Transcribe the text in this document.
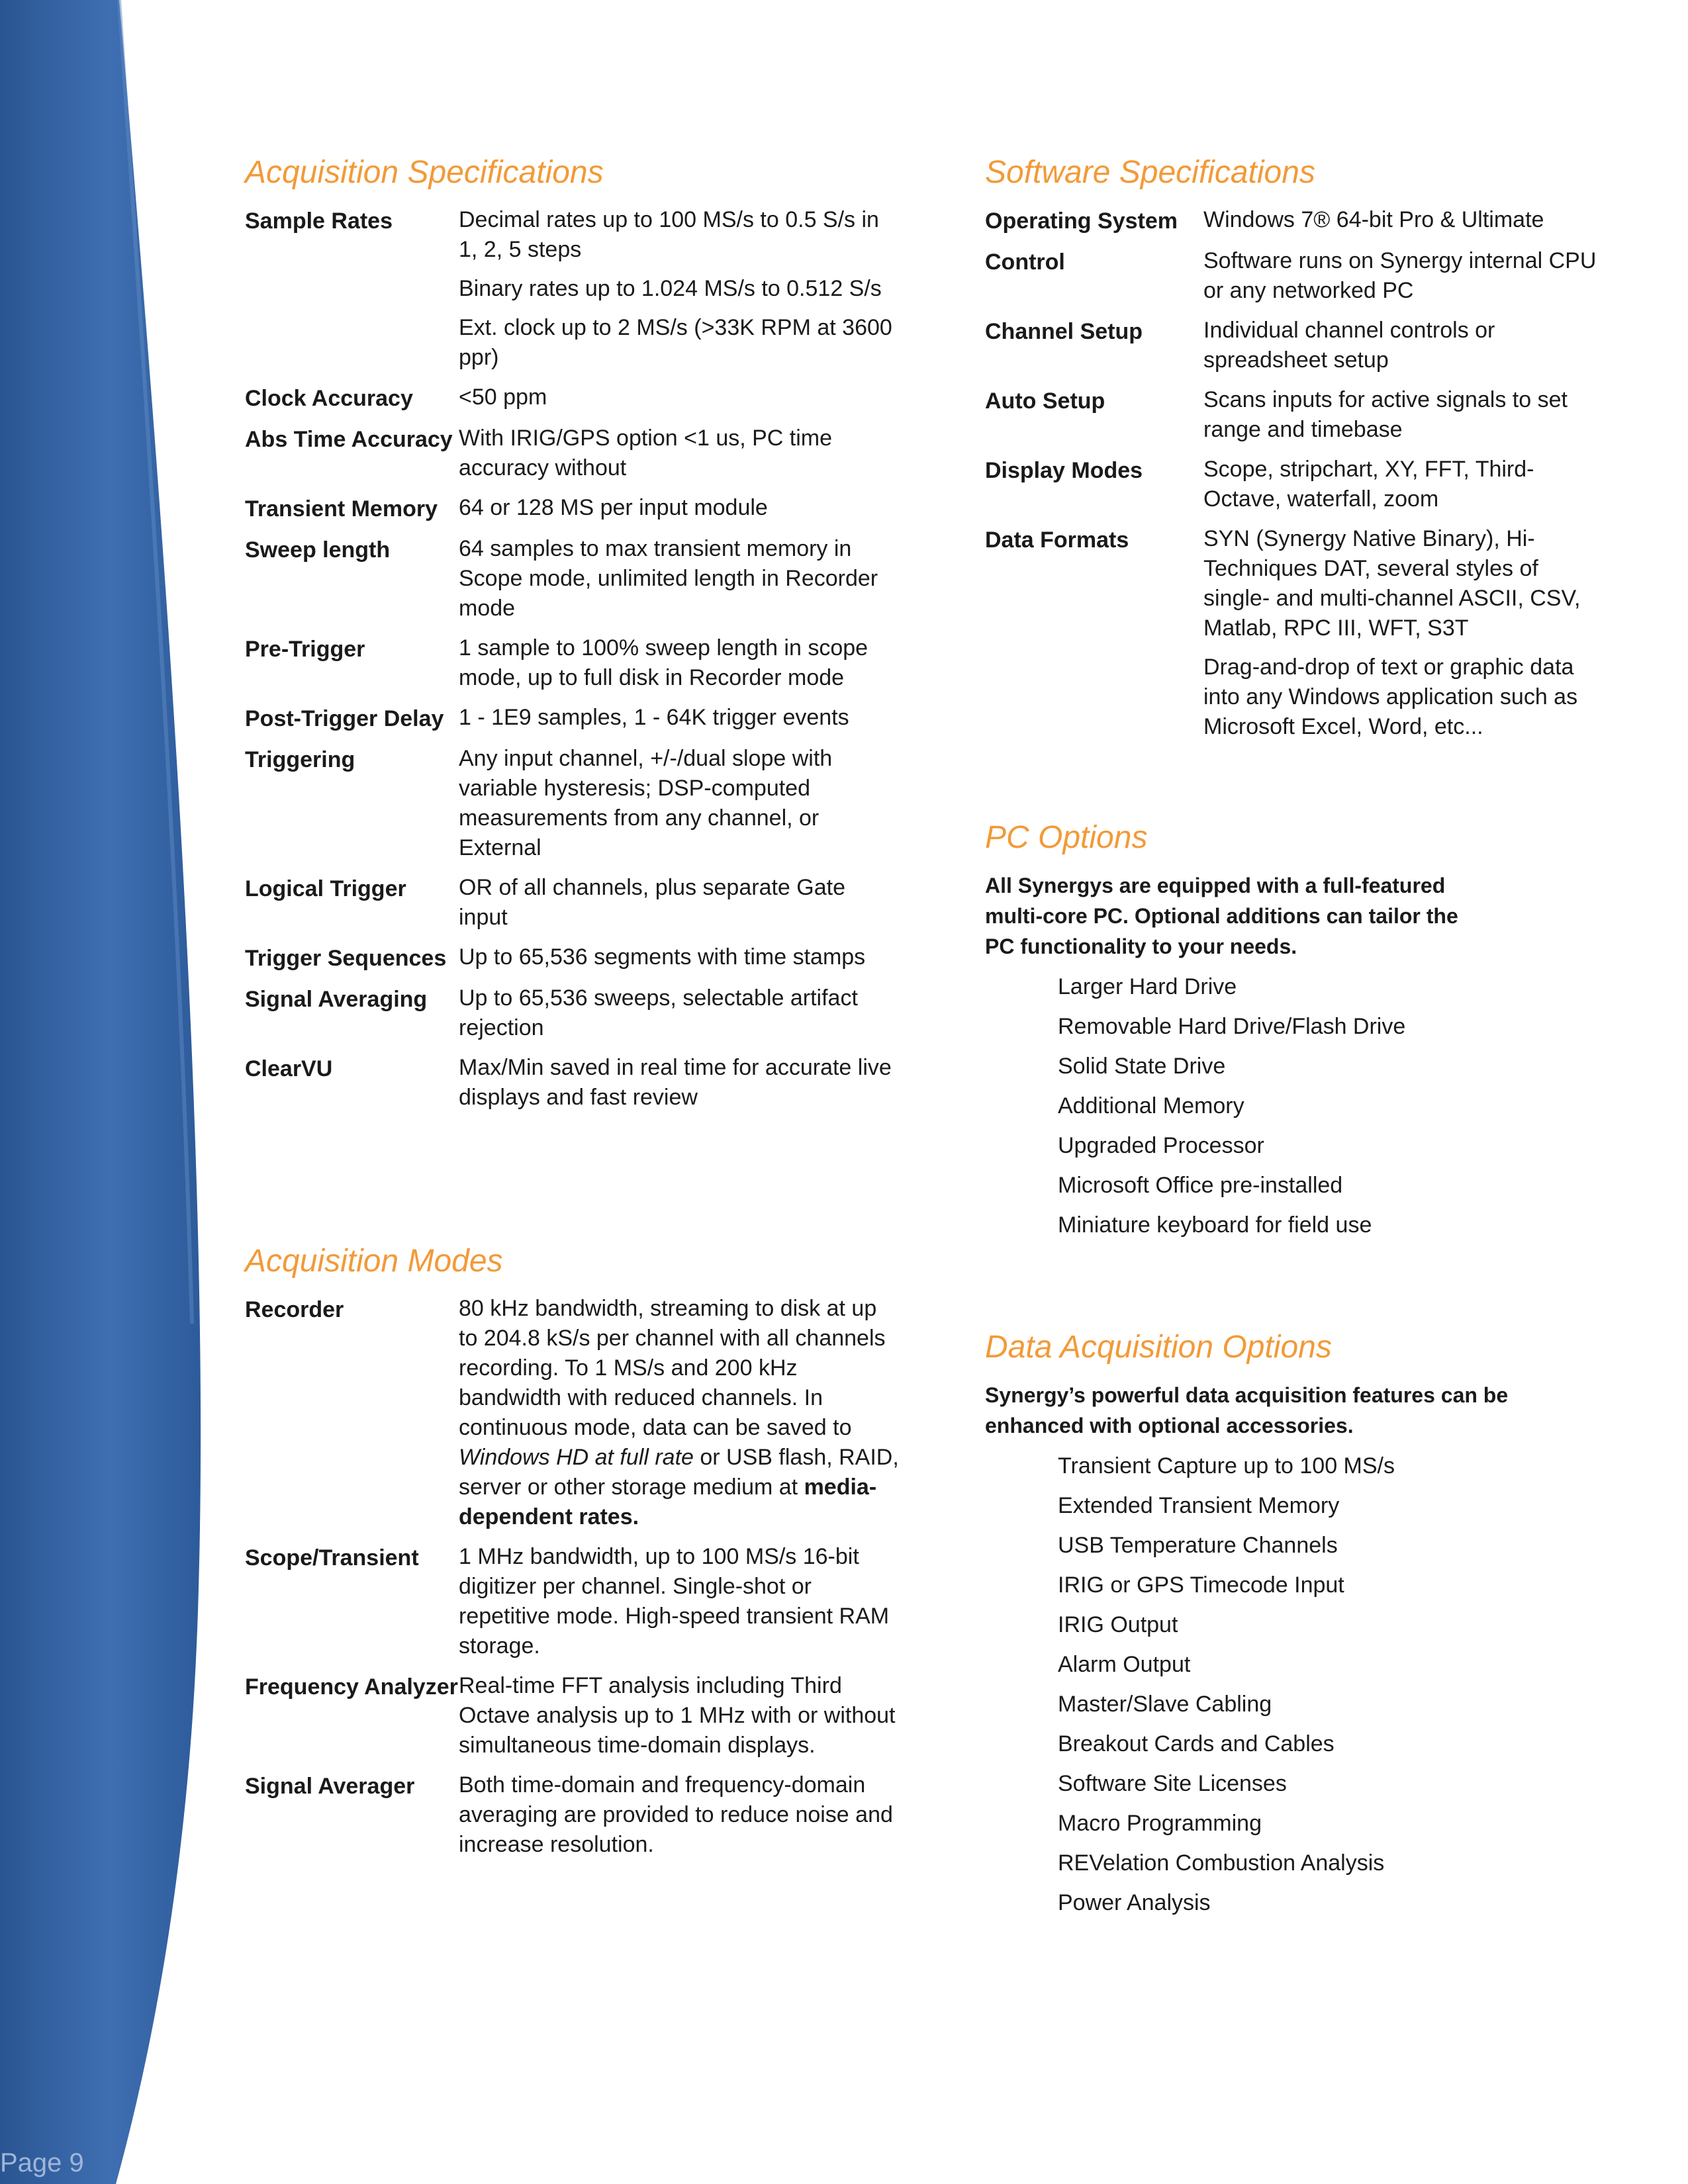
Page 9
Acquisition Specifications
Sample Rates	Decimal rates up to 100 MS/s to 0.5 S/s in 1, 2, 5 steps

Binary rates up to 1.024 MS/s to 0.512 S/s

Ext. clock up to 2 MS/s (>33K RPM at 3600 ppr)

Clock Accuracy	<50 ppm

Abs Time Accuracy	With IRIG/GPS option <1 us, PC time accuracy without

Transient Memory	64 or 128 MS per input module

Sweep length	64 samples to max transient memory in Scope mode, unlimited length in Recorder mode

Pre-Trigger	1 sample to 100% sweep length in scope mode, up to full disk in Recorder mode

Post-Trigger Delay	1 - 1E9 samples, 1 - 64K trigger events

Triggering	Any input channel, +/-/dual slope with variable hysteresis; DSP-computed measurements from any channel, or External

Logical Trigger	OR of all channels, plus separate Gate input

Trigger Sequences	Up to 65,536 segments with time stamps

Signal Averaging	Up to 65,536 sweeps, selectable artifact rejection

ClearVU	Max/Min saved in real time for accurate live displays and fast review

Acquisition Modes
Recorder	80 kHz bandwidth, streaming to disk at up to 204.8 kS/s per channel with all channels recording. To 1 MS/s and 200 kHz bandwidth with reduced channels. In continuous mode, data can be saved to Windows HD at full rate or USB flash, RAID, server or other storage medium at media-dependent rates.
Scope/Transient	1 MHz bandwidth, up to 100 MS/s 16-bit digitizer per channel. Single-shot or repetitive mode. High-speed transient RAM storage.
Frequency Analyzer	Real-time FFT analysis including Third Octave analysis up to 1 MHz with or without simultaneous time-domain displays.
Signal Averager	Both time-domain and frequency-domain averaging are provided to reduce noise and increase resolution.
Software Specifications
Operating System	Windows 7® 64-bit Pro & Ultimate

Control	Software runs on Synergy internal CPU or any networked PC

Channel Setup	Individual channel controls or spreadsheet setup

Auto Setup	Scans inputs for active signals to set range and timebase

Display Modes	Scope, stripchart, XY, FFT, Third-Octave, waterfall, zoom

Data Formats	SYN (Synergy Native Binary), Hi-Techniques DAT, several styles of single- and multi-channel ASCII, CSV, Matlab, RPC III, WFT, S3T

Drag-and-drop of text or graphic data into any Windows application such as Microsoft Excel, Word, etc...

PC Options

All Synergys are equipped with a full-featured multi-core PC. Optional additions can tailor the PC functionality to your needs.

Larger Hard Drive
Removable Hard Drive/Flash Drive
Solid State Drive
Additional Memory
Upgraded Processor
Microsoft Office pre-installed
Miniature keyboard for field use
Data Acquisition Options

Synergy’s powerful data acquisition features can be enhanced with optional accessories.

Transient Capture up to 100 MS/s
Extended Transient Memory
USB Temperature Channels
IRIG or GPS Timecode Input
IRIG Output
Alarm Output
Master/Slave Cabling
Breakout Cards and Cables
Software Site Licenses
Macro Programming
REVelation Combustion Analysis
Power Analysis
